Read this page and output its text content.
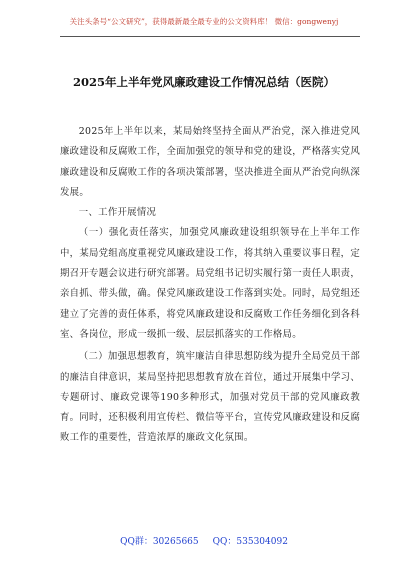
关注头条号“公文研究”，获得最新最全最专业的公文资料库！ 微信：gongwenyj
2025年上半年党风廉政建设工作情况总结（医院）

2025年上半年以来，某局始终坚持全面从严治党，深入推进党风廉政建设和反腐败工作，全面加强党的领导和党的建设，严格落实党风廉政建设和反腐败工作的各项决策部署，坚决推进全面从严治党向纵深发展。

一、工作开展情况

（一）强化责任落实，加强党风廉政建设组织领导在上半年工作中，某局党组高度重视党风廉政建设工作，将其纳入重要议事日程，定期召开专题会议进行研究部署。局党组书记切实履行第一责任人职责，亲自抓、带头做，确。保党风廉政建设工作落到实处。同时，局党组还建立了完善的责任体系，将党风廉政建设和反腐败工作任务细化到各科室、各岗位，形成一级抓一级、层层抓落实的工作格局。

（二）加强思想教育，筑牢廉洁自律思想防线为提升全局党员干部的廉洁自律意识，某局坚持把思想教育放在首位，通过开展集中学习、专题研讨、廉政党课等190多种形式，加强对党员干部的党风廉政教育。同时，还积极利用宣传栏、微信等平台，宣传党风廉政建设和反腐败工作的重要性，营造浓厚的廉政文化氛围。

QQ群：30265665 QQ：535304092
